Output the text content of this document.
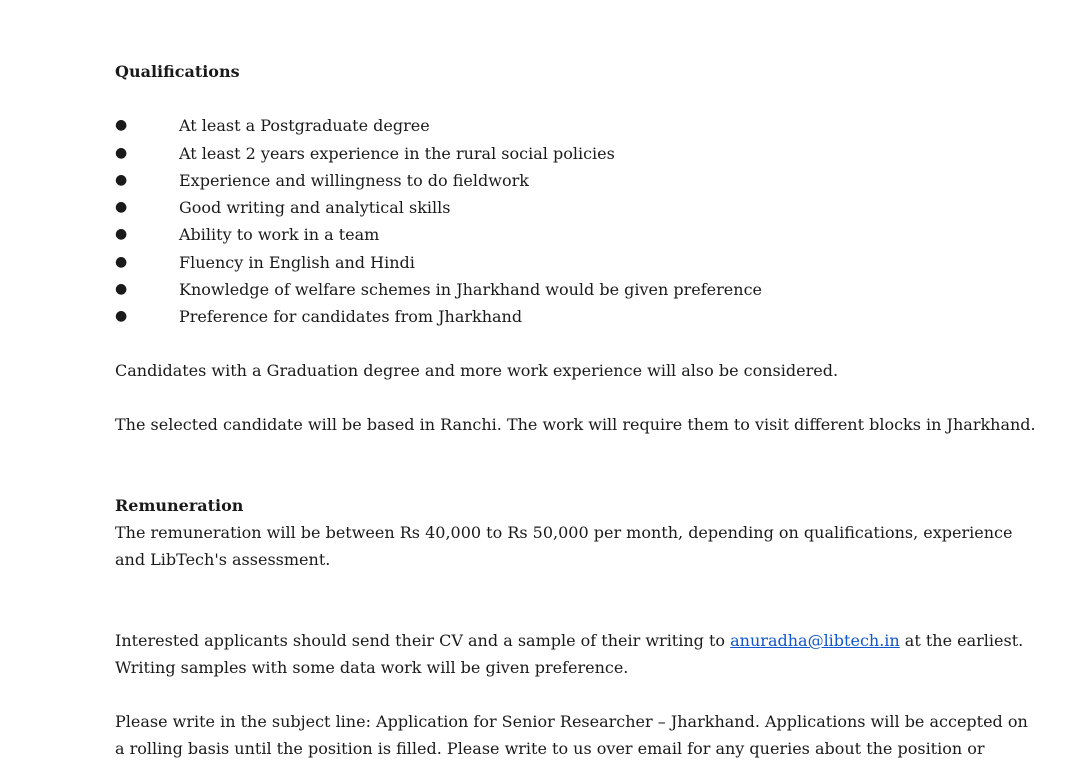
Qualifications
●	At least a Postgraduate degree
●	At least 2 years experience in the rural social policies
●	Experience and willingness to do fieldwork
●	Good writing and analytical skills
●	Ability to work in a team
●	Fluency in English and Hindi
●	Knowledge of welfare schemes in Jharkhand would be given preference
●	Preference for candidates from Jharkhand
Candidates with a Graduation degree and more work experience will also be considered.
The selected candidate will be based in Ranchi. The work will require them to visit different blocks in Jharkhand.
Remuneration
The remuneration will be between Rs 40,000 to Rs 50,000 per month, depending on qualifications, experience
and LibTech's assessment.
Interested applicants should send their CV and a sample of their writing to anuradha@libtech.in at the earliest.
Writing samples with some data work will be given preference.
Please write in the subject line: Application for Senior Researcher – Jharkhand. Applications will be accepted on
a rolling basis until the position is filled. Please write to us over email for any queries about the position or
